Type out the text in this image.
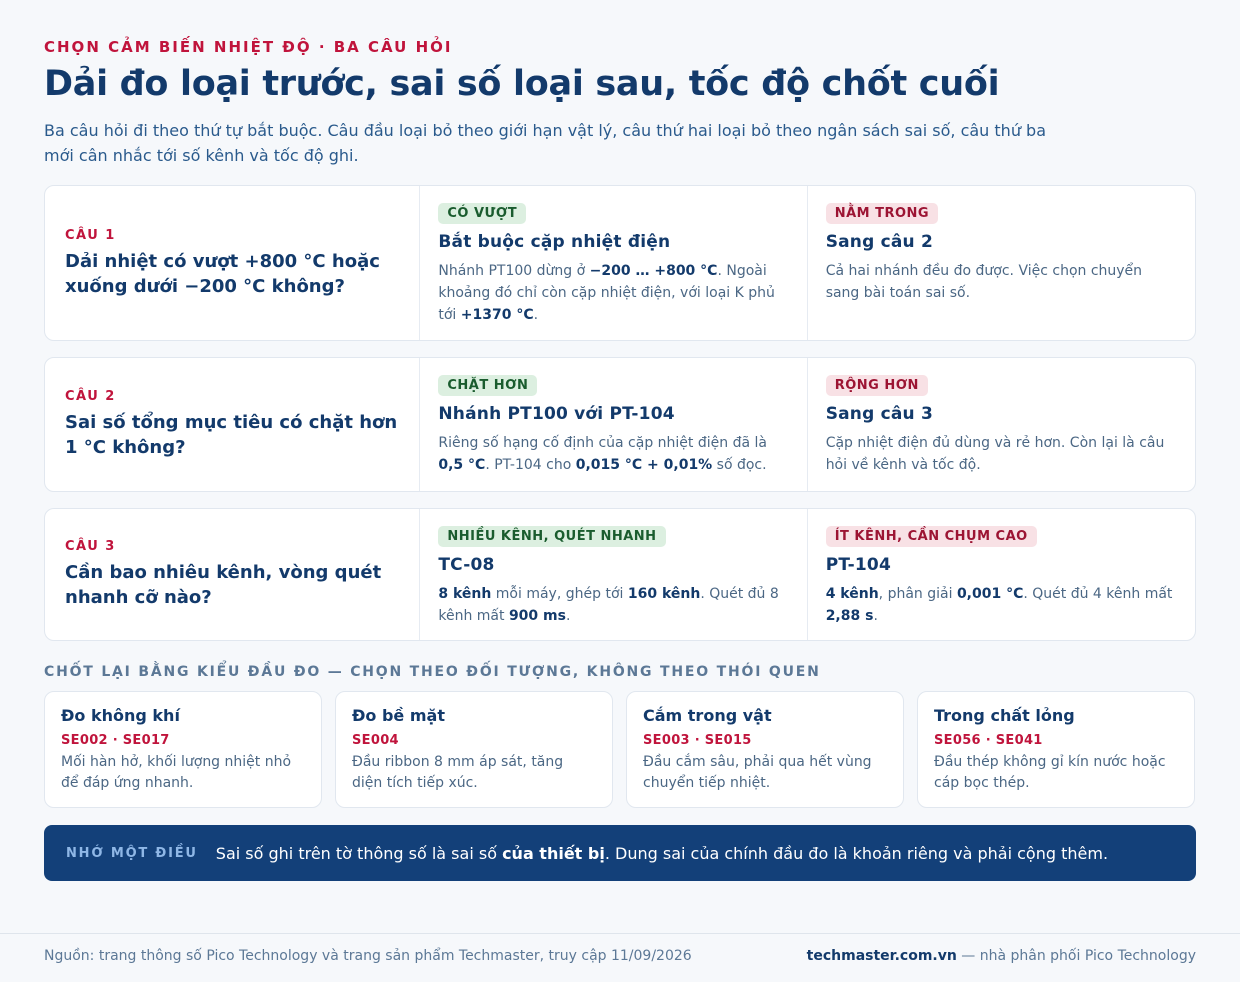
CHỌN CẢM BIẾN NHIỆT ĐỘ · BA CÂU HỎI
Dải đo loại trước, sai số loại sau, tốc độ chốt cuối

Ba câu hỏi đi theo thứ tự bắt buộc. Câu đầu loại bỏ theo giới hạn vật lý, câu thứ hai loại bỏ theo ngân sách sai số, câu thứ ba mới cân nhắc tới số kênh và tốc độ ghi.

CÂU 1
Dải nhiệt có vượt +800 °C hoặc xuống dưới −200 °C không?
CÓ VƯỢT
Bắt buộc cặp nhiệt điện
Nhánh PT100 dừng ở −200 … +800 °C. Ngoài khoảng đó chỉ còn cặp nhiệt điện, với loại K phủ tới +1370 °C.
NẰM TRONG
Sang câu 2
Cả hai nhánh đều đo được. Việc chọn chuyển sang bài toán sai số.
CÂU 2
Sai số tổng mục tiêu có chặt hơn 1 °C không?
CHẶT HƠN
Nhánh PT100 với PT-104
Riêng số hạng cố định của cặp nhiệt điện đã là 0,5 °C. PT-104 cho 0,015 °C + 0,01% số đọc.
RỘNG HƠN
Sang câu 3
Cặp nhiệt điện đủ dùng và rẻ hơn. Còn lại là câu hỏi về kênh và tốc độ.
CÂU 3
Cần bao nhiêu kênh, vòng quét nhanh cỡ nào?
NHIỀU KÊNH, QUÉT NHANH
TC-08
8 kênh mỗi máy, ghép tới 160 kênh. Quét đủ 8 kênh mất 900 ms.
ÍT KÊNH, CẦN CHỤM CAO
PT-104
4 kênh, phân giải 0,001 °C. Quét đủ 4 kênh mất 2,88 s.
CHỐT LẠI BẰNG KIỂU ĐẦU ĐO — CHỌN THEO ĐỐI TƯỢNG, KHÔNG THEO THÓI QUEN
Đo không khí
SE002 · SE017
Mối hàn hở, khối lượng nhiệt nhỏ để đáp ứng nhanh.
Đo bề mặt
SE004
Đầu ribbon 8 mm áp sát, tăng diện tích tiếp xúc.
Cắm trong vật
SE003 · SE015
Đầu cắm sâu, phải qua hết vùng chuyển tiếp nhiệt.
Trong chất lỏng
SE056 · SE041
Đầu thép không gỉ kín nước hoặc cáp bọc thép.
NHỚ MỘT ĐIỀU Sai số ghi trên tờ thông số là sai số của thiết bị. Dung sai của chính đầu đo là khoản riêng và phải cộng thêm.
Nguồn: trang thông số Pico Technology và trang sản phẩm Techmaster, truy cập 11/09/2026	techmaster.com.vn — nhà phân phối Pico Technology
